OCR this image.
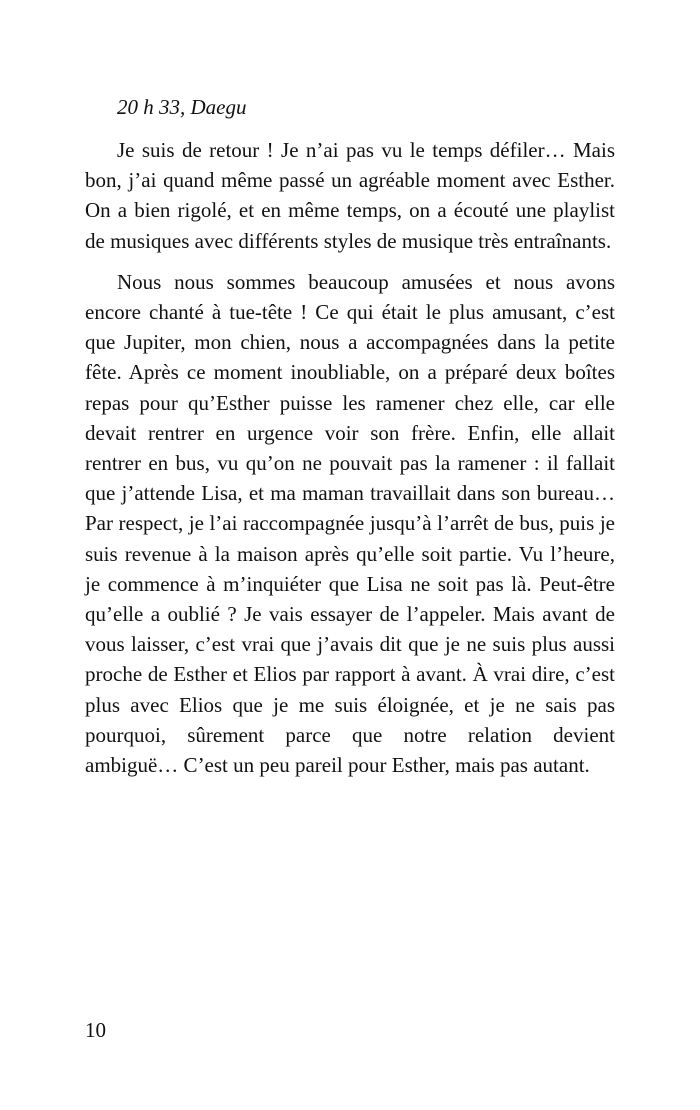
20 h 33, Daegu

Je suis de retour ! Je n’ai pas vu le temps défiler… Mais bon, j’ai quand même passé un agréable moment avec Esther. On a bien rigolé, et en même temps, on a écouté une playlist de musiques avec différents styles de musique très entraînants.

Nous nous sommes beaucoup amusées et nous avons encore chanté à tue-tête ! Ce qui était le plus amusant, c’est que Jupiter, mon chien, nous a accompagnées dans la petite fête. Après ce moment inoubliable, on a préparé deux boîtes repas pour qu’Esther puisse les ramener chez elle, car elle devait rentrer en urgence voir son frère. Enfin, elle allait rentrer en bus, vu qu’on ne pouvait pas la ramener : il fallait que j’attende Lisa, et ma maman travaillait dans son bureau… Par respect, je l’ai raccompagnée jusqu’à l’arrêt de bus, puis je suis revenue à la maison après qu’elle soit partie. Vu l’heure, je commence à m’inquiéter que Lisa ne soit pas là. Peut-être qu’elle a oublié ? Je vais essayer de l’appeler. Mais avant de vous laisser, c’est vrai que j’avais dit que je ne suis plus aussi proche de Esther et Elios par rapport à avant. À vrai dire, c’est plus avec Elios que je me suis éloignée, et je ne sais pas pourquoi, sûrement parce que notre relation devient ambiguë… C’est un peu pareil pour Esther, mais pas autant.

10
